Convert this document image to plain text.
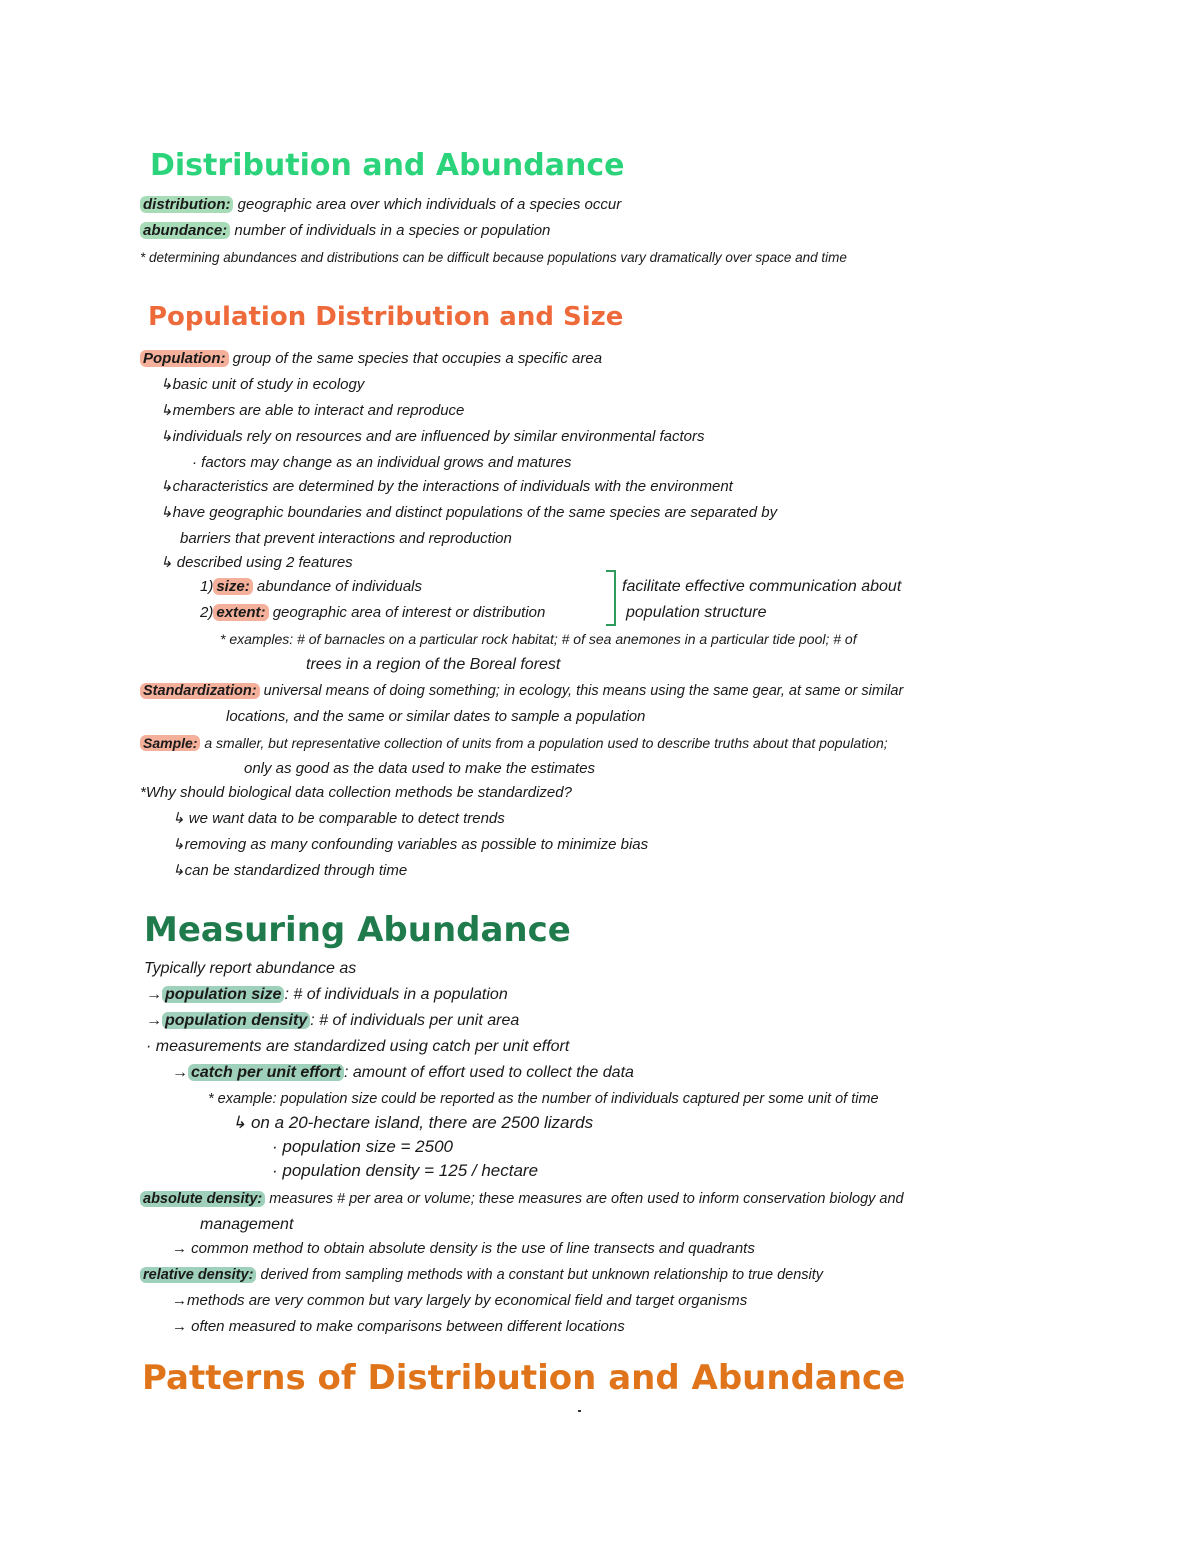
Distribution and Abundance
distribution: geographic area over which individuals of a species occur
abundance: number of individuals in a species or population
* determining abundances and distributions can be difficult because populations vary dramatically over space and time
Population Distribution and Size
Population: group of the same species that occupies a specific area
↳basic unit of study in ecology
↳members are able to interact and reproduce
↳individuals rely on resources and are influenced by similar environmental factors
· factors may change as an individual grows and matures
↳characteristics are determined by the interactions of individuals with the environment
↳have geographic boundaries and distinct populations of the same species are separated by
barriers that prevent interactions and reproduction
↳ described using 2 features
1) size: abundance of individuals
2) extent: geographic area of interest or distribution
facilitate effective communication about
population structure
* examples: # of barnacles on a particular rock habitat; # of sea anemones in a particular tide pool; # of
trees in a region of the Boreal forest
Standardization: universal means of doing something; in ecology, this means using the same gear, at same or similar
locations, and the same or similar dates to sample a population
Sample: a smaller, but representative collection of units from a population used to describe truths about that population;
only as good as the data used to make the estimates
*Why should biological data collection methods be standardized?
↳ we want data to be comparable to detect trends
↳removing as many confounding variables as possible to minimize bias
↳can be standardized through time
Measuring Abundance
Typically report abundance as
→ population size : # of individuals in a population
→ population density : # of individuals per unit area
· measurements are standardized using catch per unit effort
→ catch per unit effort : amount of effort used to collect the data
* example: population size could be reported as the number of individuals captured per some unit of time
↳ on a 20-hectare island, there are 2500 lizards
· population size = 2500
· population density = 125 / hectare
absolute density: measures # per area or volume; these measures are often used to inform conservation biology and
management
→ common method to obtain absolute density is the use of line transects and quadrants
relative density: derived from sampling methods with a constant but unknown relationship to true density
→methods are very common but vary largely by economical field and target organisms
→ often measured to make comparisons between different locations
Patterns of Distribution and Abundance
